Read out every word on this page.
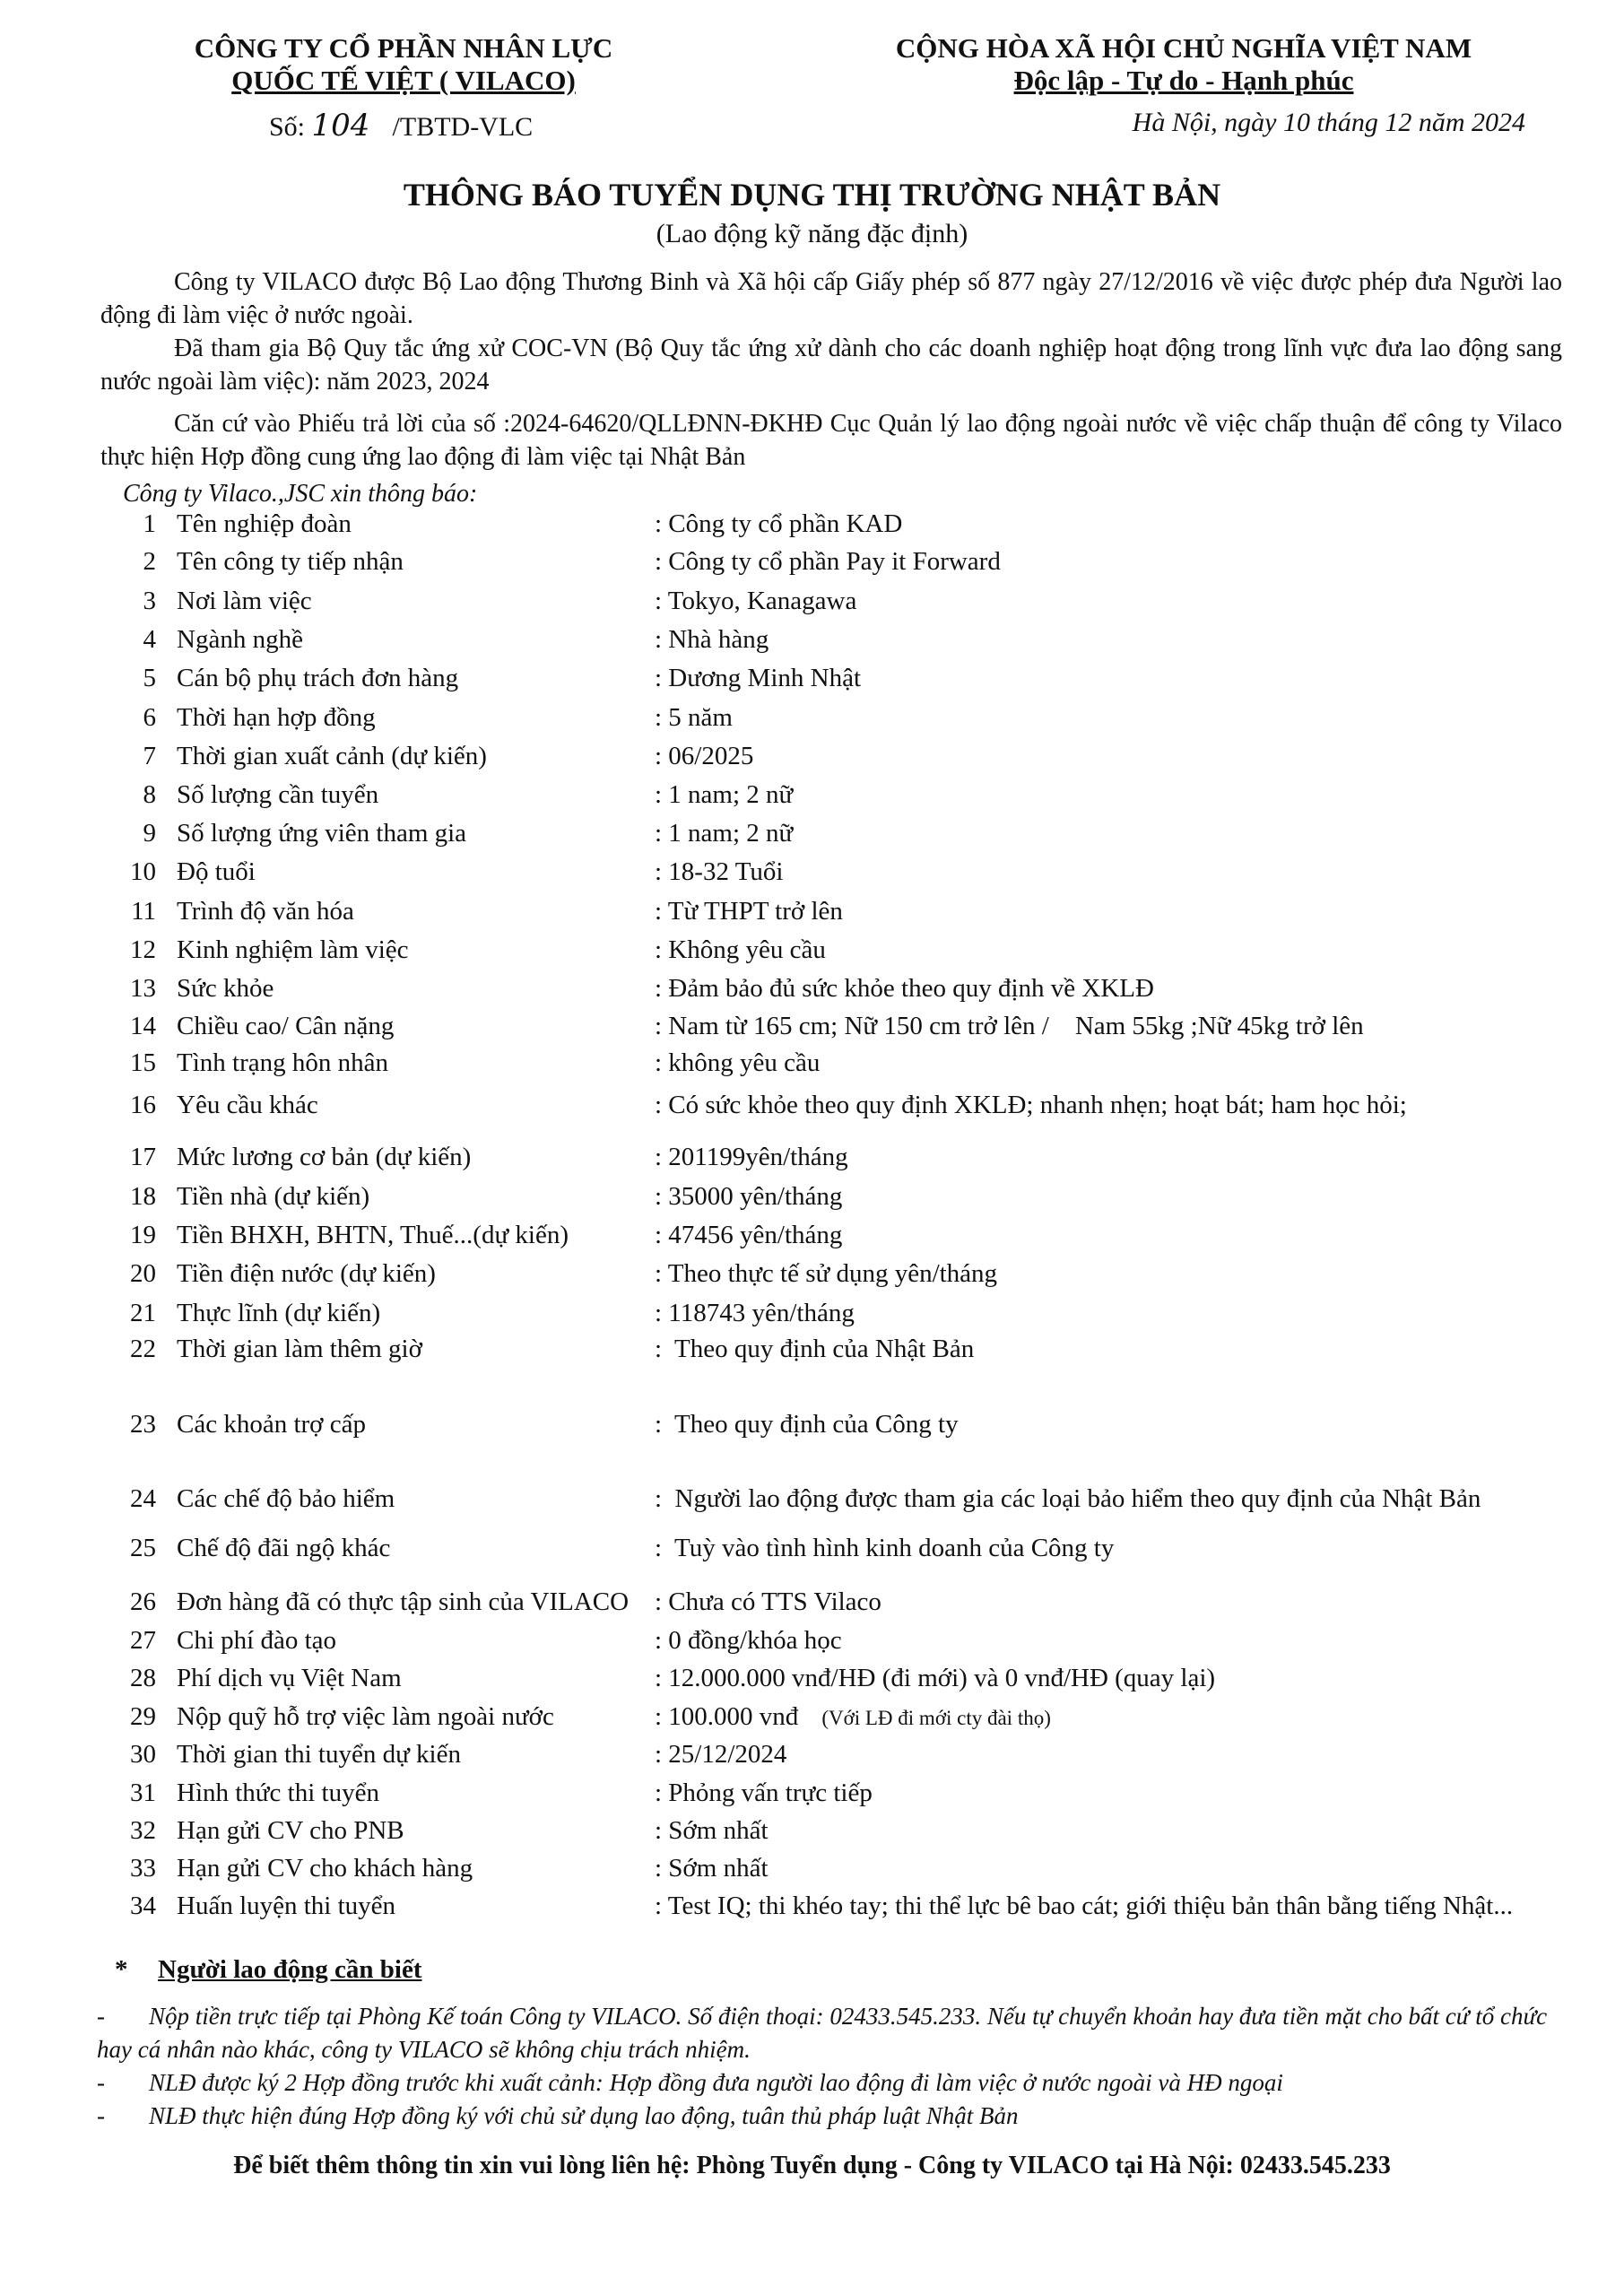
CÔNG TY CỔ PHẦN NHÂN LỰC
QUỐC TẾ VIỆT ( VILACO)
CỘNG HÒA XÃ HỘI CHỦ NGHĨA VIỆT NAM
Độc lập - Tự do - Hạnh phúc
Số: 104 /TBTD-VLC	Hà Nội, ngày 10 tháng 12 năm 2024
THÔNG BÁO TUYỂN DỤNG THỊ TRƯỜNG NHẬT BẢN
(Lao động kỹ năng đặc định)

Công ty VILACO được Bộ Lao động Thương Binh và Xã hội cấp Giấy phép số 877 ngày 27/12/2016 về việc được phép đưa Người lao động đi làm việc ở nước ngoài.

Đã tham gia Bộ Quy tắc ứng xử COC-VN (Bộ Quy tắc ứng xử dành cho các doanh nghiệp hoạt động trong lĩnh vực đưa lao động sang nước ngoài làm việc): năm 2023, 2024

Căn cứ vào Phiếu trả lời của số :2024-64620/QLLĐNN-ĐKHĐ Cục Quản lý lao động ngoài nước về việc chấp thuận để công ty Vilaco thực hiện Hợp đồng cung ứng lao động đi làm việc tại Nhật Bản

Công ty Vilaco.,JSC xin thông báo:

1 Tên nghiệp đoàn	: Công ty cổ phần KAD
2 Tên công ty tiếp nhận	: Công ty cổ phần Pay it Forward
3 Nơi làm việc	: Tokyo, Kanagawa
4 Ngành nghề	: Nhà hàng
5 Cán bộ phụ trách đơn hàng	: Dương Minh Nhật
6 Thời hạn hợp đồng	: 5 năm
7 Thời gian xuất cảnh (dự kiến)	: 06/2025
8 Số lượng cần tuyển	: 1 nam; 2 nữ
9 Số lượng ứng viên tham gia	: 1 nam; 2 nữ
10 Độ tuổi	: 18-32 Tuổi
11 Trình độ văn hóa	: Từ THPT trở lên
12 Kinh nghiệm làm việc	: Không yêu cầu
13 Sức khỏe	: Đảm bảo đủ sức khỏe theo quy định về XKLĐ
14 Chiều cao/ Cân nặng	: Nam từ 165 cm; Nữ 150 cm trở lên /    Nam 55kg ;Nữ 45kg trở lên
15 Tình trạng hôn nhân	: không yêu cầu
16 Yêu cầu khác	: Có sức khỏe theo quy định XKLĐ; nhanh nhẹn; hoạt bát; ham học hỏi;
17 Mức lương cơ bản (dự kiến)	: 201199yên/tháng
18 Tiền nhà (dự kiến)	: 35000 yên/tháng
19 Tiền BHXH, BHTN, Thuế...(dự kiến)	: 47456 yên/tháng
20 Tiền điện nước (dự kiến)	: Theo thực tế sử dụng yên/tháng
21 Thực lĩnh (dự kiến)	: 118743 yên/tháng
22 Thời gian làm thêm giờ	:  Theo quy định của Nhật Bản
23 Các khoản trợ cấp	:  Theo quy định của Công ty
24 Các chế độ bảo hiểm	:  Người lao động được tham gia các loại bảo hiểm theo quy định của Nhật Bản
25 Chế độ đãi ngộ khác	:  Tuỳ vào tình hình kinh doanh của Công ty
26 Đơn hàng đã có thực tập sinh của VILACO : Chưa có TTS Vilaco
27 Chi phí đào tạo	: 0 đồng/khóa học
28 Phí dịch vụ Việt Nam	: 12.000.000 vnđ/HĐ (đi mới) và 0 vnđ/HĐ (quay lại)
29 Nộp quỹ hỗ trợ việc làm ngoài nước	: 100.000 vnđ (Với LĐ đi mới cty đài thọ)
30 Thời gian thi tuyển dự kiến	: 25/12/2024
31 Hình thức thi tuyển	: Phỏng vấn trực tiếp
32 Hạn gửi CV cho PNB	: Sớm nhất
33 Hạn gửi CV cho khách hàng	: Sớm nhất
34 Huấn luyện thi tuyển	: Test IQ; thi khéo tay; thi thể lực bê bao cát; giới thiệu bản thân bằng tiếng Nhật...
* Người lao động cần biết
- Nộp tiền trực tiếp tại Phòng Kế toán Công ty VILACO. Số điện thoại: 02433.545.233. Nếu tự chuyển khoản hay đưa tiền mặt cho bất cứ tổ chức hay cá nhân nào khác, công ty VILACO sẽ không chịu trách nhiệm.
- NLĐ được ký 2 Hợp đồng trước khi xuất cảnh: Hợp đồng đưa người lao động đi làm việc ở nước ngoài và HĐ ngoại
- NLĐ thực hiện đúng Hợp đồng ký với chủ sử dụng lao động, tuân thủ pháp luật Nhật Bản
Để biết thêm thông tin xin vui lòng liên hệ: Phòng Tuyển dụng - Công ty VILACO tại Hà Nội: 02433.545.233
